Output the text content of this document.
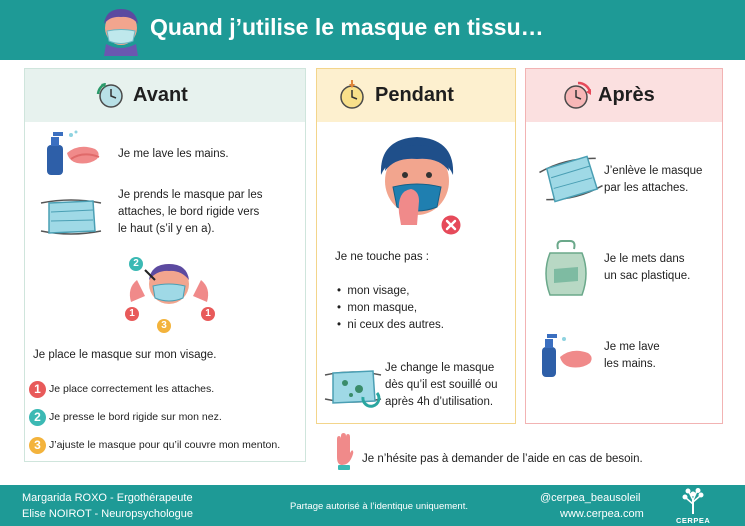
Quand j’utilise le masque en tissu…
Avant
Je me lave les mains.
Je prends le masque par les
attaches, le bord rigide vers
le haut (s’il y en a).
2
1	1
3
Je place le masque sur mon visage.
1 Je place correctement les attaches.
2 Je presse le bord rigide sur mon nez.
3 J’ajuste le masque pour qu’il couvre mon menton.
Pendant
Je ne touche pas :
•  mon visage,
•  mon masque,
•  ni ceux des autres.
Je change le masque
dès qu’il est souillé ou
après 4h d’utilisation.
Après
J’enlève le masque
par les attaches.
Je le mets dans
un sac plastique.
Je me lave
les mains.
Je n’hésite pas à demander de l’aide en cas de besoin.
Margarida ROXO - Ergothérapeute
Elise NOIROT - Neuropsychologue
Partage autorisé à l’identique uniquement.
@cerpea_beausoleil
www.cerpea.com
CERPEA
